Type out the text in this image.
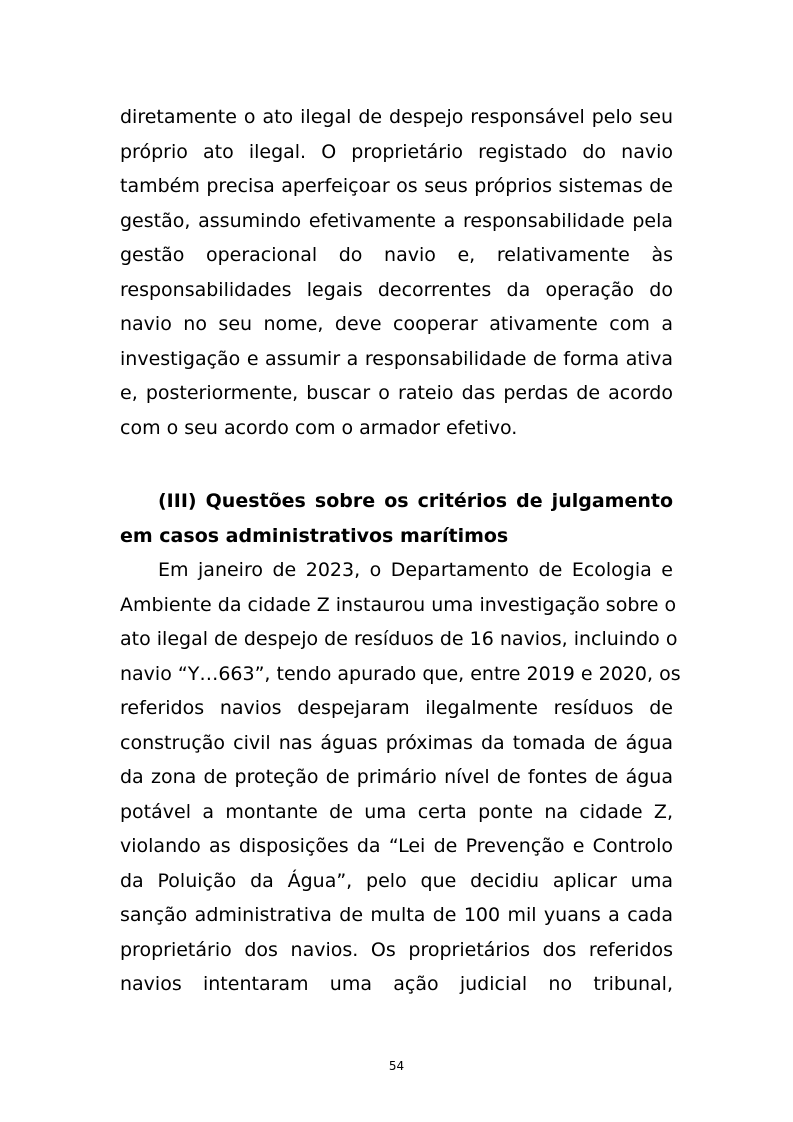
diretamente o ato ilegal de despejo responsável pelo seu
próprio ato ilegal. O proprietário registado do navio
também precisa aperfeiçoar os seus próprios sistemas de
gestão, assumindo efetivamente a responsabilidade pela
gestão operacional do navio e, relativamente às
responsabilidades legais decorrentes da operação do
navio no seu nome, deve cooperar ativamente com a
investigação e assumir a responsabilidade de forma ativa
e, posteriormente, buscar o rateio das perdas de acordo
com o seu acordo com o armador efetivo.
(III) Questões sobre os critérios de julgamento
em casos administrativos marítimos
Em janeiro de 2023, o Departamento de Ecologia e
Ambiente da cidade Z instaurou uma investigação sobre o
ato ilegal de despejo de resíduos de 16 navios, incluindo o
navio “Y…663”, tendo apurado que, entre 2019 e 2020, os
referidos navios despejaram ilegalmente resíduos de
construção civil nas águas próximas da tomada de água
da zona de proteção de primário nível de fontes de água
potável a montante de uma certa ponte na cidade Z,
violando as disposições da “Lei de Prevenção e Controlo
da Poluição da Água”, pelo que decidiu aplicar uma
sanção administrativa de multa de 100 mil yuans a cada
proprietário dos navios. Os proprietários dos referidos
navios intentaram uma ação judicial no tribunal,
54
